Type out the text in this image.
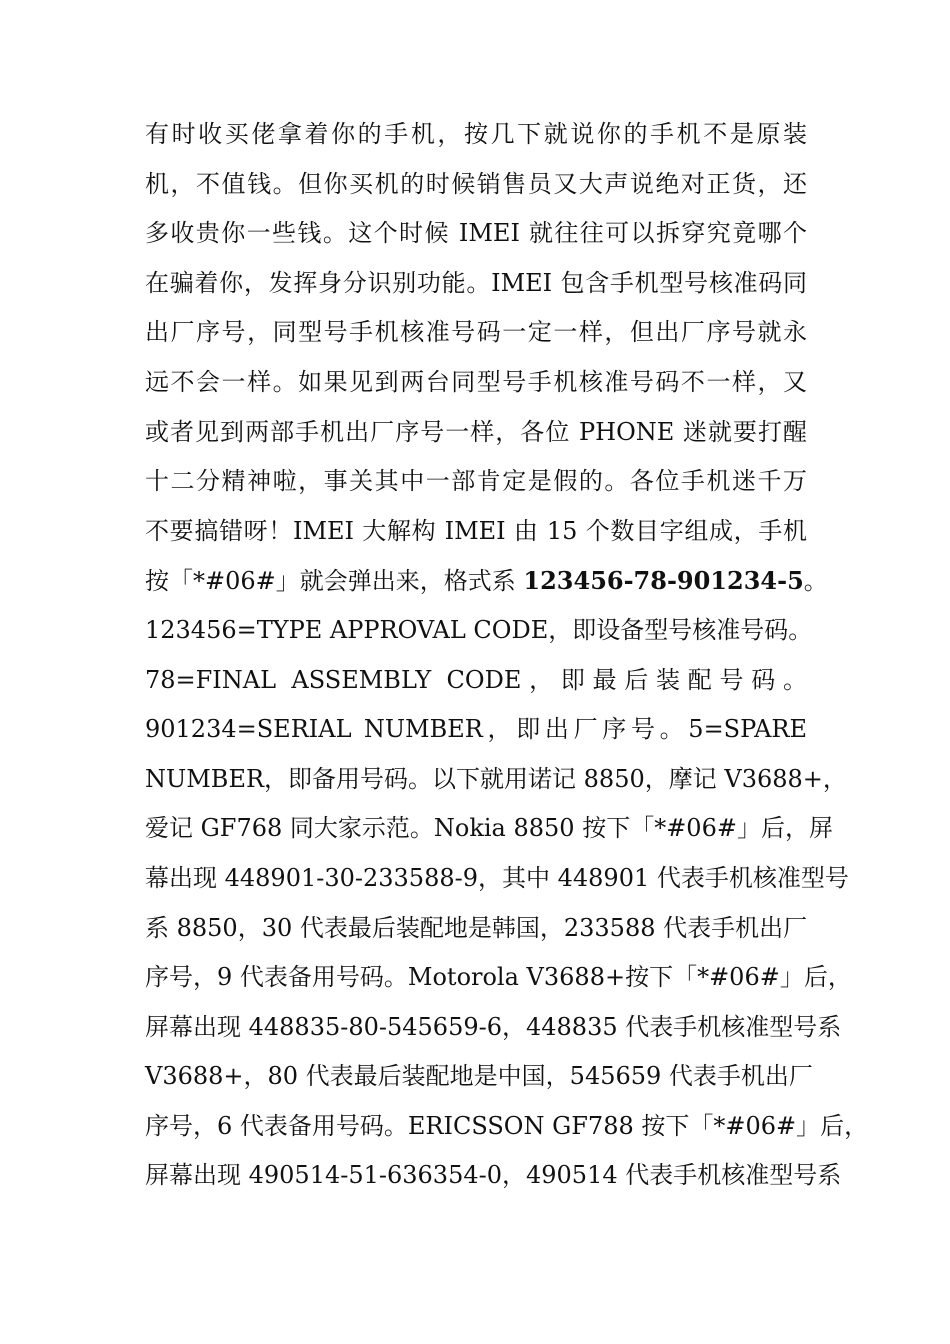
有时收买佬拿着你的手机，按几下就说你的手机不是原装
机，不值钱。但你买机的时候销售员又大声说绝对正货，还
多收贵你一些钱。这个时候 IMEI 就往往可以拆穿究竟哪个
在骗着你，发挥身分识别功能。IMEI 包含手机型号核准码同
出厂序号，同型号手机核准号码一定一样，但出厂序号就永
远不会一样。如果见到两台同型号手机核准号码不一样，又
或者见到两部手机出厂序号一样，各位 PHONE 迷就要打醒
十二分精神啦，事关其中一部肯定是假的。各位手机迷千万
不要搞错呀！IMEI 大解构 IMEI 由 15 个数目字组成，手机
按「*#06#」就会弹出来，格式系 123456-78-901234-5。
123456=TYPE APPROVAL CODE，即设备型号核准号码。
78=FINAL ASSEMBLY CODE，即最后装配号码。
901234=SERIAL NUMBER，即出厂序号。5=SPARE
NUMBER，即备用号码。以下就用诺记 8850，摩记 V3688+，
爱记 GF768 同大家示范。Nokia 8850 按下「*#06#」后，屏
幕出现 448901-30-233588-9，其中 448901 代表手机核准型号
系 8850，30 代表最后装配地是韩国，233588 代表手机出厂
序号，9 代表备用号码。Motorola V3688+按下「*#06#」后，
屏幕出现 448835-80-545659-6，448835 代表手机核准型号系
V3688+，80 代表最后装配地是中国，545659 代表手机出厂
序号，6 代表备用号码。ERICSSON GF788 按下「*#06#」后，
屏幕出现 490514-51-636354-0，490514 代表手机核准型号系
